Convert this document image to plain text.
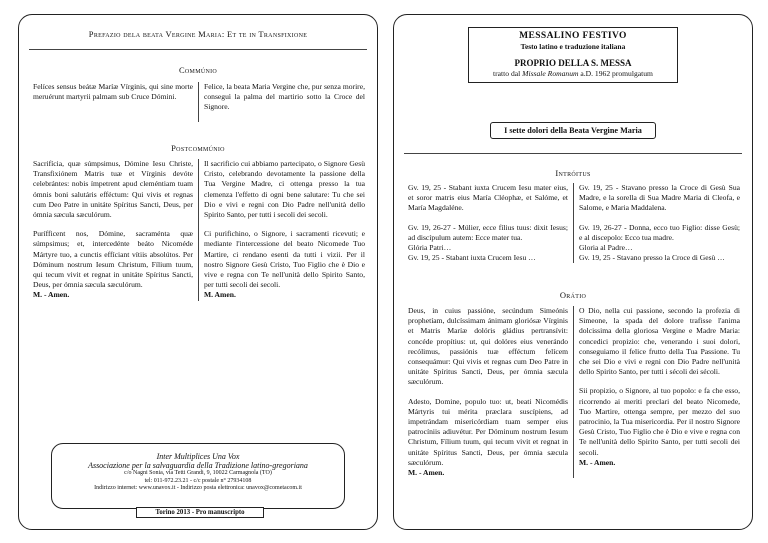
Prefazio dela beata Vergine Maria: Et te in Transfixione
Commúnio

Felíces sensus beátæ Maríæ Vírginis, qui sine morte meruérunt martyrii palmam sub Cruce Dómini.

Felice, la beata Maria Vergine che, pur senza morire, conseguì la palma del martirio sotto la Croce del Signore.

Postcommúnio

Sacrifícia, quæ súmpsimus, Dómine Iesu Christe, Transfixiónem Matris tuæ et Vírginis devóte celebrántes: nobis ímpetrent apud cleméntiam tuam ómnis boni salutáris efféctum: Qui vivis et regnas cum Deo Patre in unitáte Spíritus Sancti, Deus, per ómnia sæcula sæculórum.

Purífficent nos, Dómine, sacraménta quæ súmpsimus; et, intercedénte beáto Nicoméde Mártyre tuo, a cunctis effíciant vítiis absolútos. Per Dóminum nostrum Iesum Christum, Fílium tuum, qui tecum vivit et regnat in unitáte Spíritus Sancti, Deus, per ómnia sæcula sæculórum.

M. - Amen.

Il sacrificio cui abbiamo partecipato, o Signore Gesù Cristo, celebrando devotamente la passione della Tua Vergine Madre, ci ottenga presso la tua clemenza l'effetto di ogni bene salutare: Tu che sei Dio e vivi e regni con Dio Padre nell'unità dello Spirito Santo, per tutti i secoli dei secoli.

Ci purifichino, o Signore, i sacramenti ricevuti; e mediante l'intercessione del beato Nicomede Tuo Martire, ci rendano esenti da tutti i vizii. Per il nostro Signore Gesù Cristo, Tuo Figlio che è Dio e vive e regna con Te nell'unità dello Spirito Santo, per tutti secoli dei secoli.

M. Amen.
Inter Multiplices Una Vox
Associazione per la salvaguardia della Tradizione latino-gregoriana
c/o Nagni Sonia, via Tetti Grandi, 9, 10022 Carmagnola (TO)
tel: 011-972.23.21 - c/c postale n° 27934108
Indirizzo internet: www.unavox.it - Indirizzo posta elettronica: unavox@cometacom.it
Torino 2013 - Pro manuscripto
MESSALINO FESTIVO
Testo latino e traduzione italiana
PROPRIO DELLA S. MESSA
tratto dal Missale Romanum a.D. 1962 promulgatum
I sette dolori della Beata Vergine Maria
Intróitus

Gv. 19, 25 - Stabant iuxta Crucem Iesu mater eius, et soror matris eius María Cléophæ, et Salóme, et María Magdaléne.

Gv. 19, 26-27 - Múlier, ecce fílius tuus: dixit Iesus; ad discípulum autem: Ecce mater tua.
Glória Patri…
Gv. 19, 25 - Stabant iuxta Crucem Iesu …

Gv. 19, 25 - Stavano presso la Croce di Gesù Sua Madre, e la sorella di Sua Madre Maria di Cleofa, e Salome, e Maria Maddalena.

Gv. 19, 26-27 - Donna, ecco tuo Figlio: disse Gesù; e al discepolo: Ecco tua madre.
Gloria al Padre…
Gv. 19, 25 - Stavano presso la Croce di Gesù …
Orátio

Deus, in cuius passióne, secúndum Simeónis prophetíam, dulcíssimam ánimam gloriósæ Vírginis et Matris Maríæ dolóris gládius pertransívit: concéde propítius: ut, qui dolóres eius venerándo recólimus, passiónis tuæ efféctum felícem consequámur: Qui vivis et regnas cum Deo Patre in unitáte Spíritus Sancti, Deus, per ómnia sæcula sæculórum.

Adesto, Domine, populo tuo: ut, beati Nicomédis Mártyris tui mérita præclara suscípiens, ad impetrándam misericórdiam tuam semper eius patrocíniis adiuvétur. Per Dóminum nostrum Iesum Christum, Fílium tuum, qui tecum vivit et regnat in unitáte Spíritus Sancti, Deus, per ómnia sæcula sæculórum.

M. - Amen.

O Dio, nella cui passione, secondo la profezia di Simeone, la spada del dolore trafisse l'anima dolcissima della gloriosa Vergine e Madre Maria: concedici propizio: che, venerando i suoi dolori, conseguiamo il felice frutto della Tua Passione. Tu che sei Dio e vivi e regni con Dio Padre nell'unità dello Spirito Santo, per tutti i sécoli dei sécoli.

Sii propizio, o Signore, al tuo popolo: e fa che esso, ricorrendo ai meriti preclari del beato Nicomede, Tuo Martire, ottenga sempre, per mezzo del suo patrocinio, la Tua misericordia. Per il nostro Signore Gesù Cristo, Tuo Figlio che è Dio e vive e regna con Te nell'unità dello Spirito Santo, per tutti secoli dei secoli.

M. - Amen.
